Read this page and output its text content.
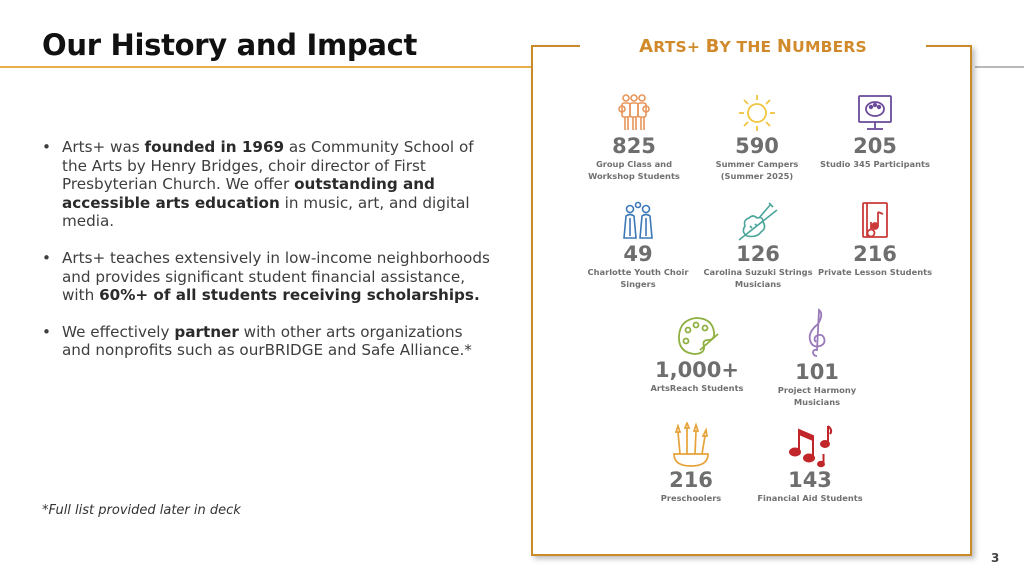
Our History and Impact
• Arts+ was founded in 1969 as Community School of the Arts by Henry Bridges, choir director of First Presbyterian Church. We offer outstanding and accessible arts education in music, art, and digital media.
• Arts+ teaches extensively in low-income neighborhoods and provides significant student financial assistance, with 60%+ of all students receiving scholarships.
• We effectively partner with other arts organizations and nonprofits such as ourBRIDGE and Safe Alliance.*
*Full list provided later in deck
ARTS+ BY THE NUMBERS
825
Group Class and Workshop Students
590
Summer Campers (Summer 2025)
205
Studio 345 Participants
49
Charlotte Youth Choir Singers
126
Carolina Suzuki Strings Musicians
216
Private Lesson Students
1,000+
ArtsReach Students
101
Project Harmony Musicians
216
Preschoolers
143
Financial Aid Students
3
